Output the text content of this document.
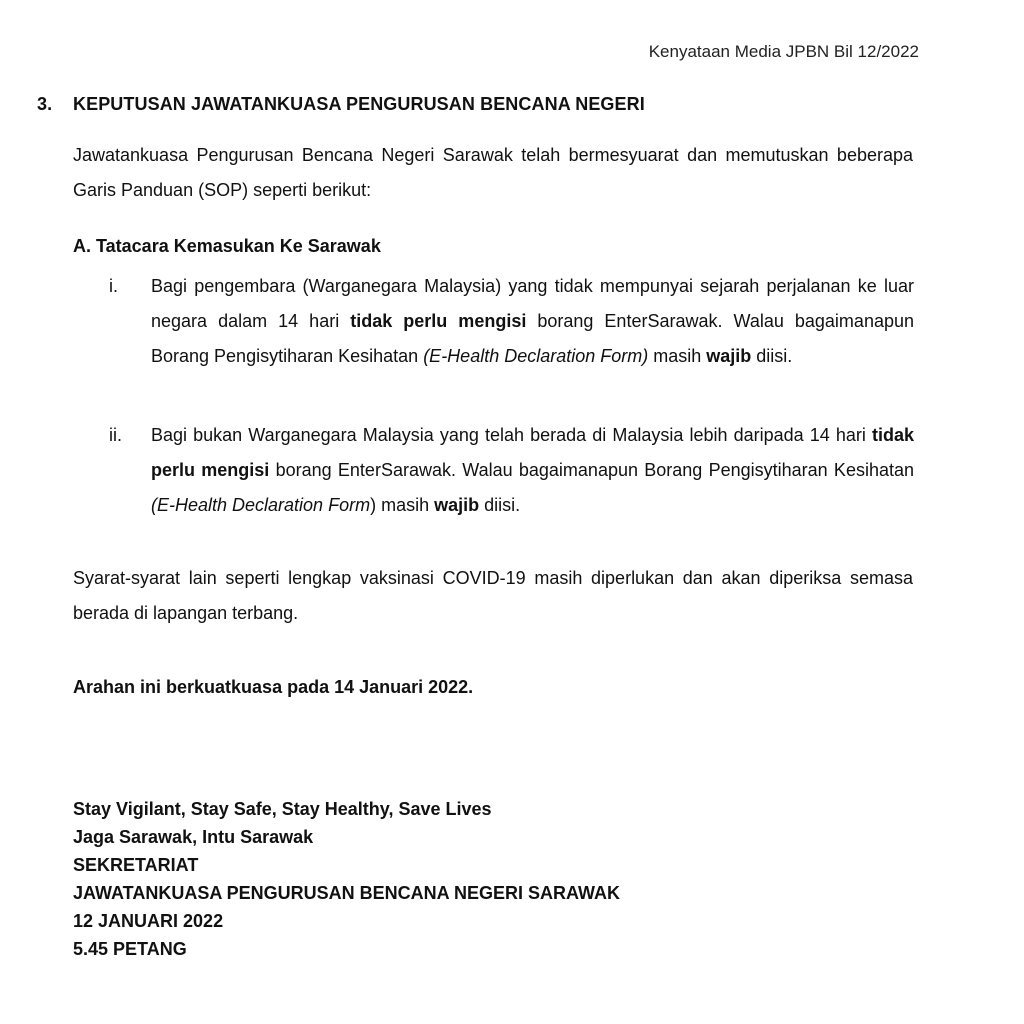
Kenyataan Media JPBN Bil 12/2022
3. KEPUTUSAN JAWATANKUASA PENGURUSAN BENCANA NEGERI
Jawatankuasa Pengurusan Bencana Negeri Sarawak telah bermesyuarat dan memutuskan beberapa Garis Panduan (SOP) seperti berikut:
A. Tatacara Kemasukan Ke Sarawak
i.	Bagi pengembara (Warganegara Malaysia) yang tidak mempunyai sejarah perjalanan ke luar negara dalam 14 hari tidak perlu mengisi borang EnterSarawak. Walau bagaimanapun Borang Pengisytiharan Kesihatan (E-Health Declaration Form) masih wajib diisi.
ii.	Bagi bukan Warganegara Malaysia yang telah berada di Malaysia lebih daripada 14 hari tidak perlu mengisi borang EnterSarawak. Walau bagaimanapun Borang Pengisytiharan Kesihatan (E-Health Declaration Form) masih wajib diisi.
Syarat-syarat lain seperti lengkap vaksinasi COVID-19 masih diperlukan dan akan diperiksa semasa berada di lapangan terbang.
Arahan ini berkuatkuasa pada 14 Januari 2022.
Stay Vigilant, Stay Safe, Stay Healthy, Save Lives
Jaga Sarawak, Intu Sarawak
SEKRETARIAT
JAWATANKUASA PENGURUSAN BENCANA NEGERI SARAWAK
12 JANUARI 2022
5.45 PETANG
